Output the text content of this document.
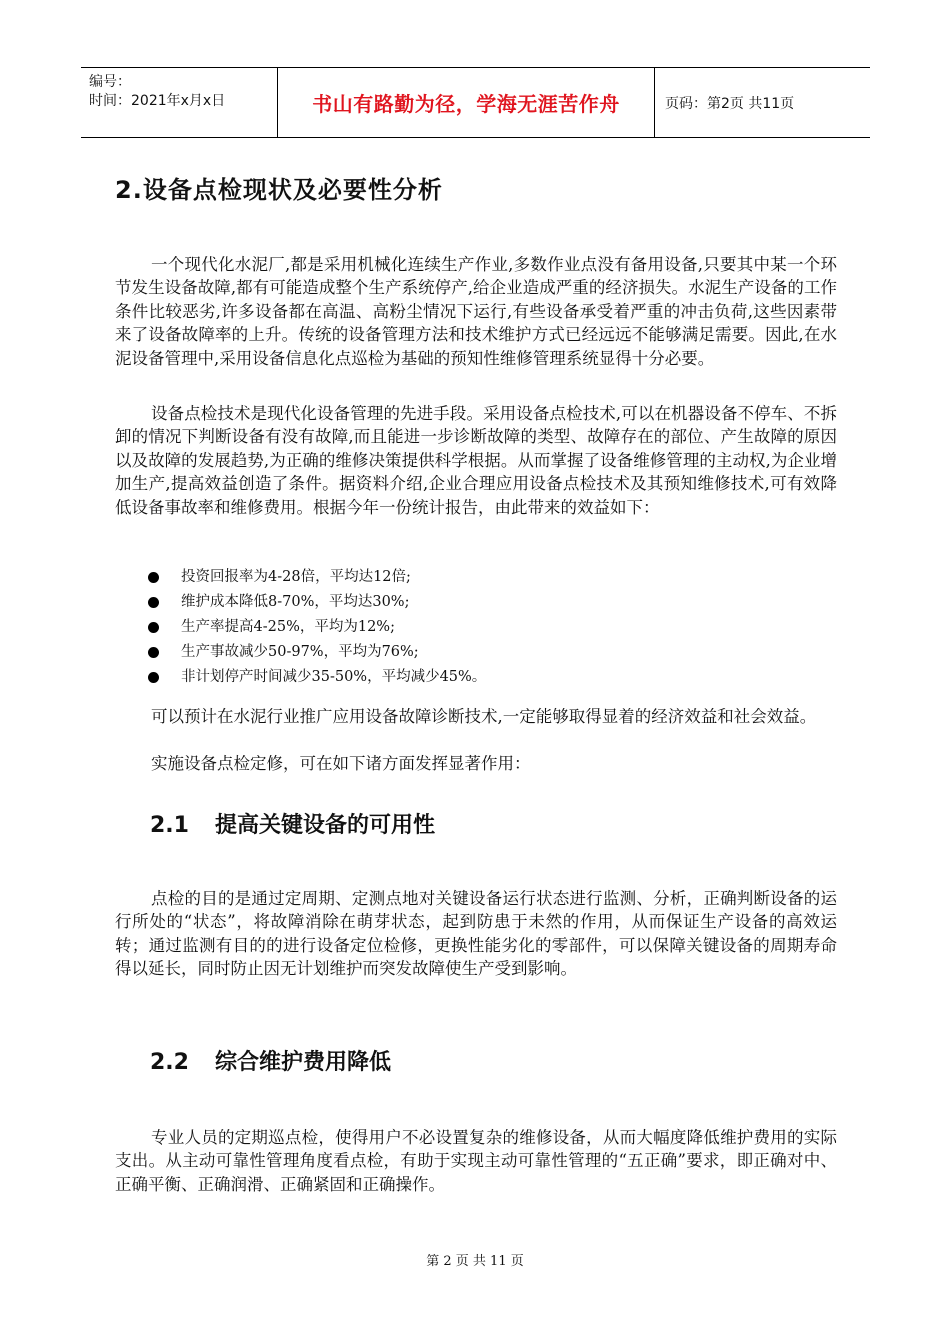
编号：
时间：2021年x月x日	书山有路勤为径，学海无涯苦作舟	页码：第2页 共11页
2.设备点检现状及必要性分析

一个现代化水泥厂,都是采用机械化连续生产作业,多数作业点没有备用设备,只要其中某一个环节发生设备故障,都有可能造成整个生产系统停产,给企业造成严重的经济损失。水泥生产设备的工作条件比较恶劣,许多设备都在高温、高粉尘情况下运行,有些设备承受着严重的冲击负荷,这些因素带来了设备故障率的上升。传统的设备管理方法和技术维护方式已经远远不能够满足需要。因此,在水泥设备管理中,采用设备信息化点巡检为基础的预知性维修管理系统显得十分必要。

设备点检技术是现代化设备管理的先进手段。采用设备点检技术,可以在机器设备不停车、不拆卸的情况下判断设备有没有故障,而且能进一步诊断故障的类型、故障存在的部位、产生故障的原因以及故障的发展趋势,为正确的维修决策提供科学根据。从而掌握了设备维修管理的主动权,为企业增加生产,提高效益创造了条件。据资料介绍,企业合理应用设备点检技术及其预知维修技术,可有效降低设备事故率和维修费用。根据今年一份统计报告，由此带来的效益如下：

投资回报率为4-28倍，平均达12倍;
维护成本降低8-70%，平均达30%;
生产率提高4-25%，平均为12%;
生产事故减少50-97%，平均为76%;
非计划停产时间减少35-50%，平均减少45%。

可以预计在水泥行业推广应用设备故障诊断技术,一定能够取得显着的经济效益和社会效益。

实施设备点检定修，可在如下诸方面发挥显著作用：

2.1 提高关键设备的可用性

点检的目的是通过定周期、定测点地对关键设备运行状态进行监测、分析，正确判断设备的运行所处的“状态”，将故障消除在萌芽状态，起到防患于未然的作用，从而保证生产设备的高效运转；通过监测有目的的进行设备定位检修，更换性能劣化的零部件，可以保障关键设备的周期寿命得以延长，同时防止因无计划维护而突发故障使生产受到影响。

2.2 综合维护费用降低

专业人员的定期巡点检，使得用户不必设置复杂的维修设备，从而大幅度降低维护费用的实际支出。从主动可靠性管理角度看点检，有助于实现主动可靠性管理的“五正确”要求，即正确对中、正确平衡、正确润滑、正确紧固和正确操作。

第 2 页 共 11 页
